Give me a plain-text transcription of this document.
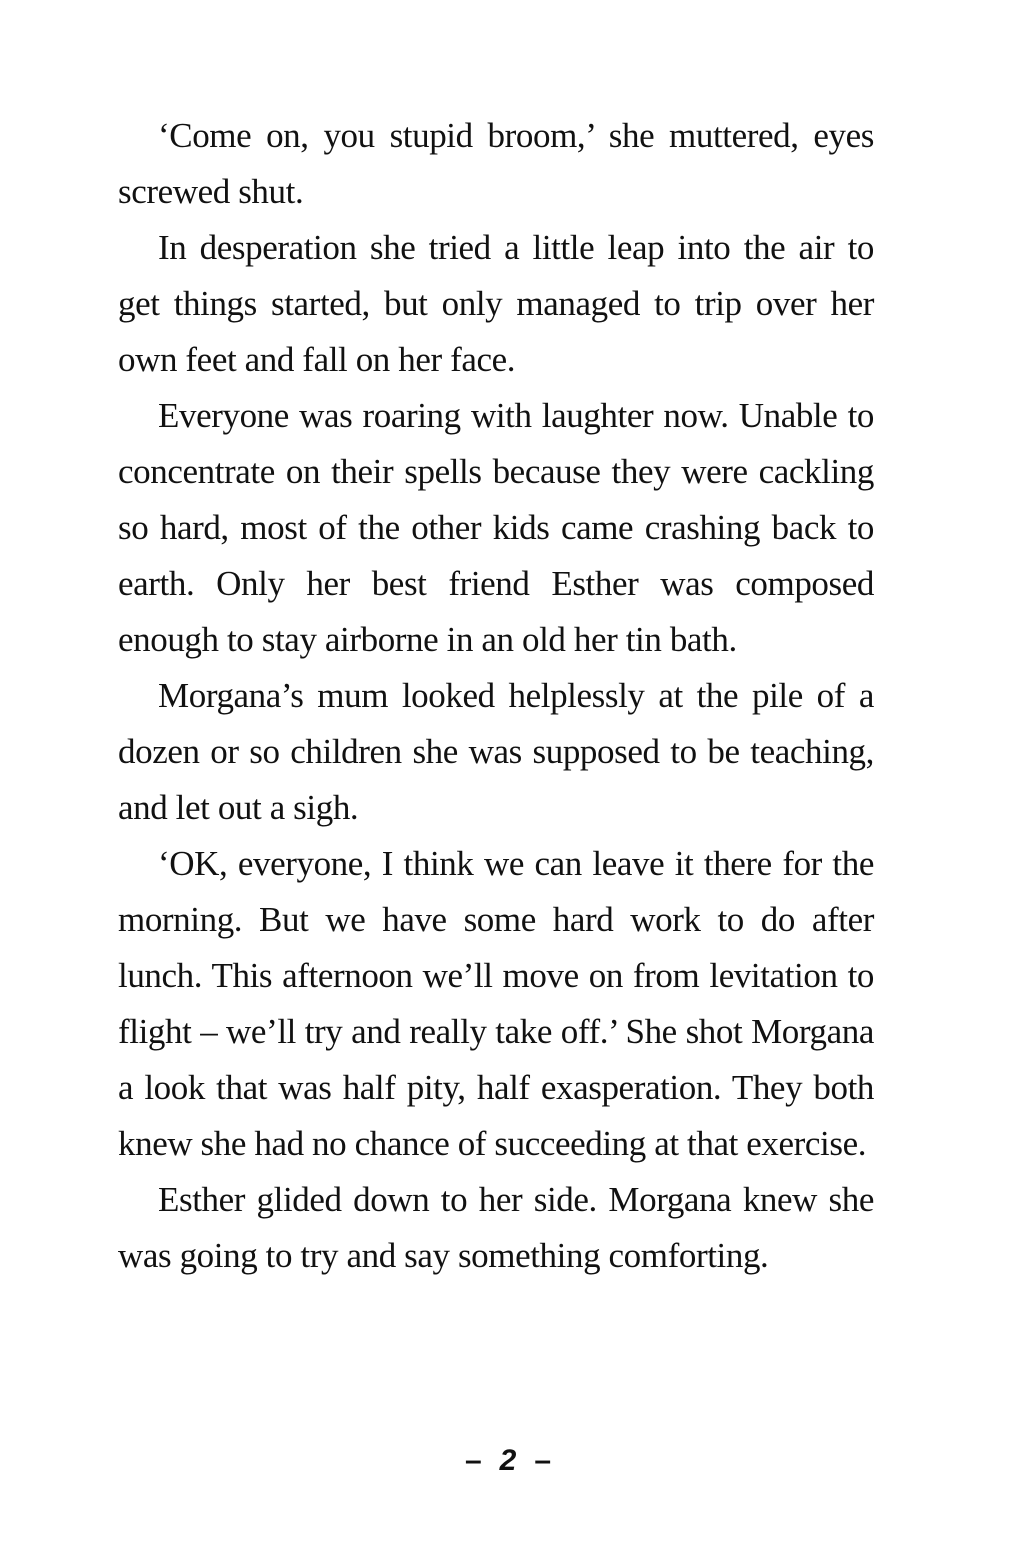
‘Come on, you stupid broom,’ she muttered, eyes screwed shut.

In desperation she tried a little leap into the air to get things started, but only managed to trip over her own feet and fall on her face.

Everyone was roaring with laughter now. Unable to concentrate on their spells because they were cackling so hard, most of the other kids came crashing back to earth. Only her best friend Esther was composed enough to stay airborne in an old her tin bath.

Morgana’s mum looked helplessly at the pile of a dozen or so children she was supposed to be teaching, and let out a sigh.

‘OK, everyone, I think we can leave it there for the morning. But we have some hard work to do after lunch. This afternoon we’ll move on from levitation to flight – we’ll try and really take off.’ She shot Morgana a look that was half pity, half exasperation. They both knew she had no chance of succeeding at that exercise.

Esther glided down to her side. Morgana knew she was going to try and say something comforting.

– 2 –
